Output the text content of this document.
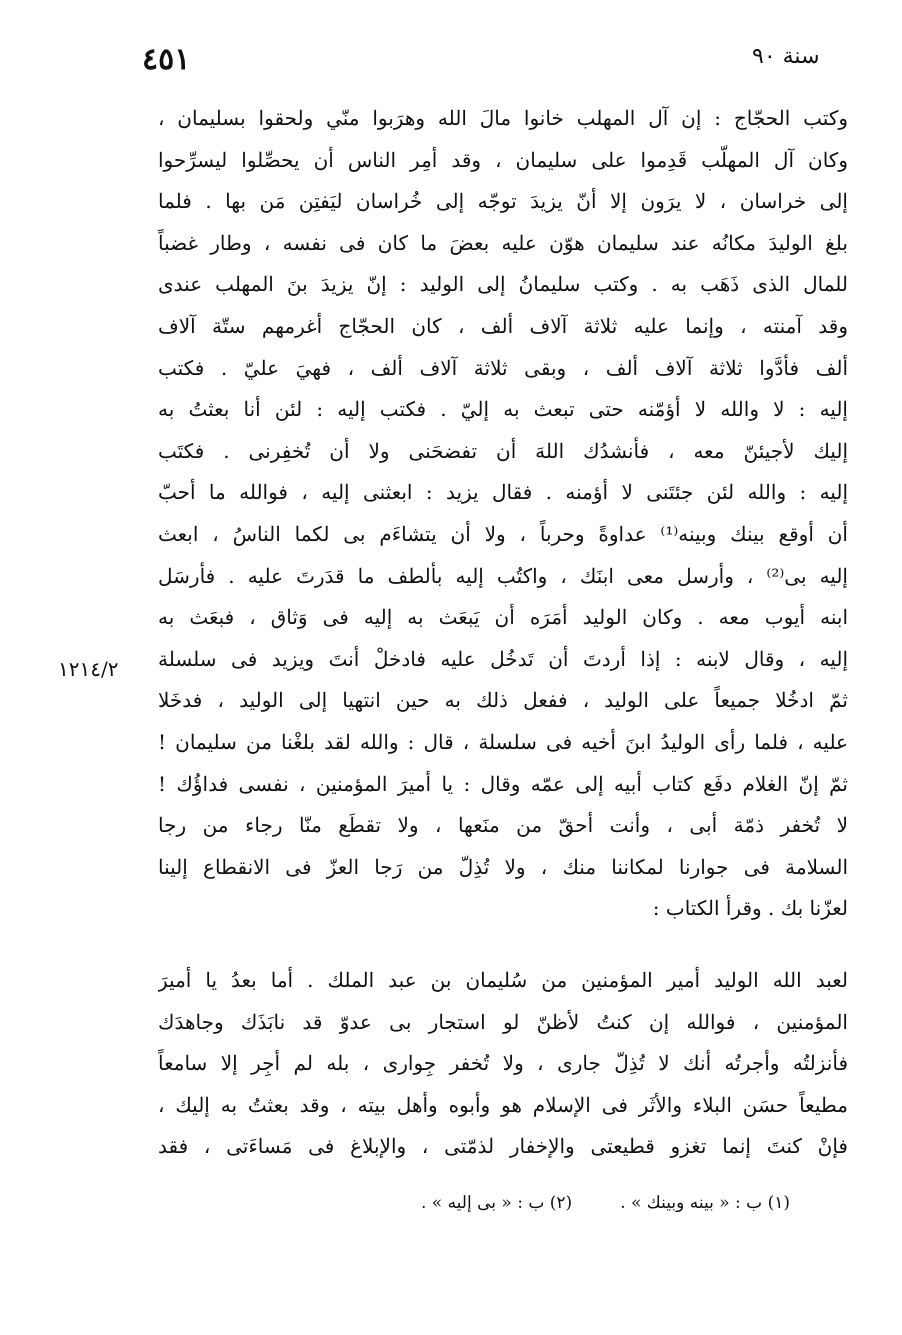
٤٥١	سنة ٩٠
١٢١٤/٢
وكتب الحجّاج : إن آل المهلب خانوا مالَ الله وهرَبوا منّي ولحقوا بسليمان ،
وكان آل المهلّب قَدِموا على سليمان ، وقد أمِر الناس أن يحصِّلوا ليسرِّحوا
إلى خراسان ، لا يرَون إلا أنّ يزيدَ توجّه إلى خُراسان ليَفتِن مَن بها . فلما
بلغ الوليدَ مكانُه عند سليمان هوّن عليه بعضَ ما كان فى نفسه ، وطار غضباً
للمال الذى ذَهَب به . وكتب سليمانُ إلى الوليد : إنّ يزيدَ بنَ المهلب عندى
وقد آمنته ، وإنما عليه ثلاثة آلاف ألف ، كان الحجّاج أغرمهم ستّة آلاف
ألف فأدَّوا ثلاثة آلاف ألف ، وبقى ثلاثة آلاف ألف ، فهيَ عليّ . فكتب
إليه : لا والله لا أؤمّنه حتى تبعث به إليّ . فكتب إليه : لئن أنا بعثتُ به
إليك لأجيئنّ معه ، فأنشدُك اللهَ أن تفضحَنى ولا أن تُخفِرنى . فكتَب
إليه : والله لئن جئتَنى لا أؤمنه . فقال يزيد : ابعثنى إليه ، فوالله ما أحبّ
أن أوقع بينك وبينه⁽¹⁾ عداوةً وحرباً ، ولا أن يتشاءَم بى لكما الناسُ ، ابعث
إليه بى⁽²⁾ ، وأرسل معى ابنَك ، واكتُب إليه بألطف ما قدَرتَ عليه . فأرسَل
ابنه أيوب معه . وكان الوليد أمَرَه أن يَبعَث به إليه فى وَثاق ، فبعَث به
إليه ، وقال لابنه : إذا أردتَ أن تَدخُل عليه فادخلْ أنتَ ويزيد فى سلسلة
ثمّ ادخُلا جميعاً على الوليد ، ففعل ذلك به حين انتهيا إلى الوليد ، فدخَلا
عليه ، فلما رأى الوليدُ ابنَ أخيه فى سلسلة ، قال : والله لقد بلغْنا من سليمان !
ثمّ إنّ الغلام دفَع كتاب أبيه إلى عمّه وقال : يا أميرَ المؤمنين ، نفسى فداؤُك !
لا تُخفر ذمّة أبى ، وأنت أحقّ من منَعها ، ولا تقطَع منّا رجاء من رجا
السلامة فى جوارنا لمكاننا منك ، ولا تُذِلّ من رَجا العزّ فى الانقطاع إلينا
لعزّنا بك . وقرأ الكتاب :
لعبد الله الوليد أمير المؤمنين من سُليمان بن عبد الملك . أما بعدُ يا أميرَ
المؤمنين ، فوالله إن كنتُ لأظنّ لو استجار بى عدوّ قد نابَذَك وجاهدَك
فأنزلتُه وأجرتُه أنك لا تُذِلّ جارى ، ولا تُخفر جِوارى ، بله لم أجِر إلا سامعاً
مطيعاً حسَن البلاء والأثَر فى الإسلام هو وأبوه وأهل بيته ، وقد بعثتُ به إليك ،
فإنْ كنتَ إنما تغزو قطيعتى والإخفار لذمّتى ، والإبلاغ فى مَساءَتى ، فقد
(١) ب : « بينه وبينك » .
(٢) ب : « بى إليه » .
